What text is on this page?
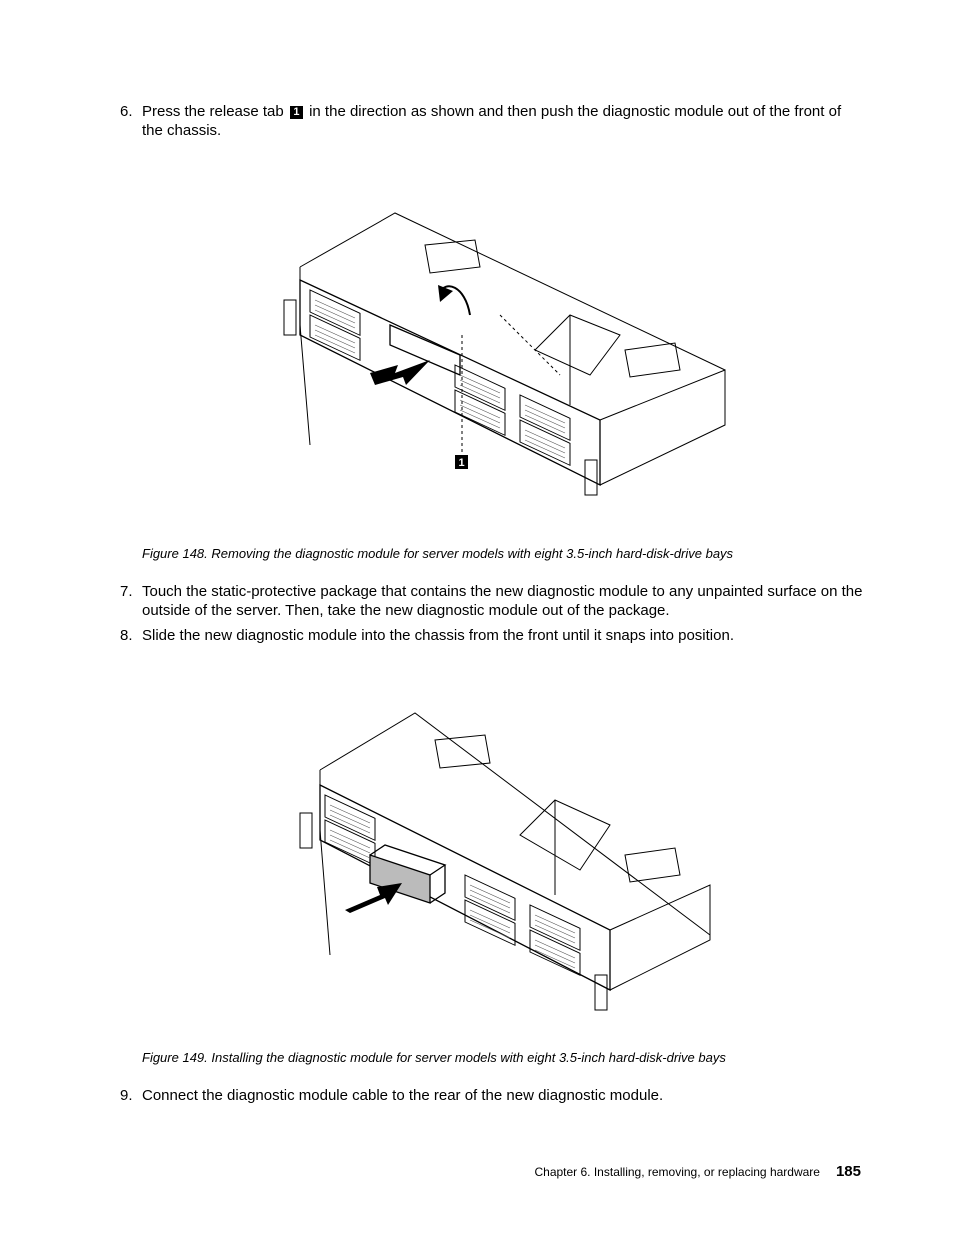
6. Press the release tab 1 in the direction as shown and then push the diagnostic module out of the front of the chassis.
1
Figure 148. Removing the diagnostic module for server models with eight 3.5-inch hard-disk-drive bays
7. Touch the static-protective package that contains the new diagnostic module to any unpainted surface on the outside of the server. Then, take the new diagnostic module out of the package.
8. Slide the new diagnostic module into the chassis from the front until it snaps into position.
Figure 149. Installing the diagnostic module for server models with eight 3.5-inch hard-disk-drive bays
9. Connect the diagnostic module cable to the rear of the new diagnostic module.
Chapter 6. Installing, removing, or replacing hardware 185
